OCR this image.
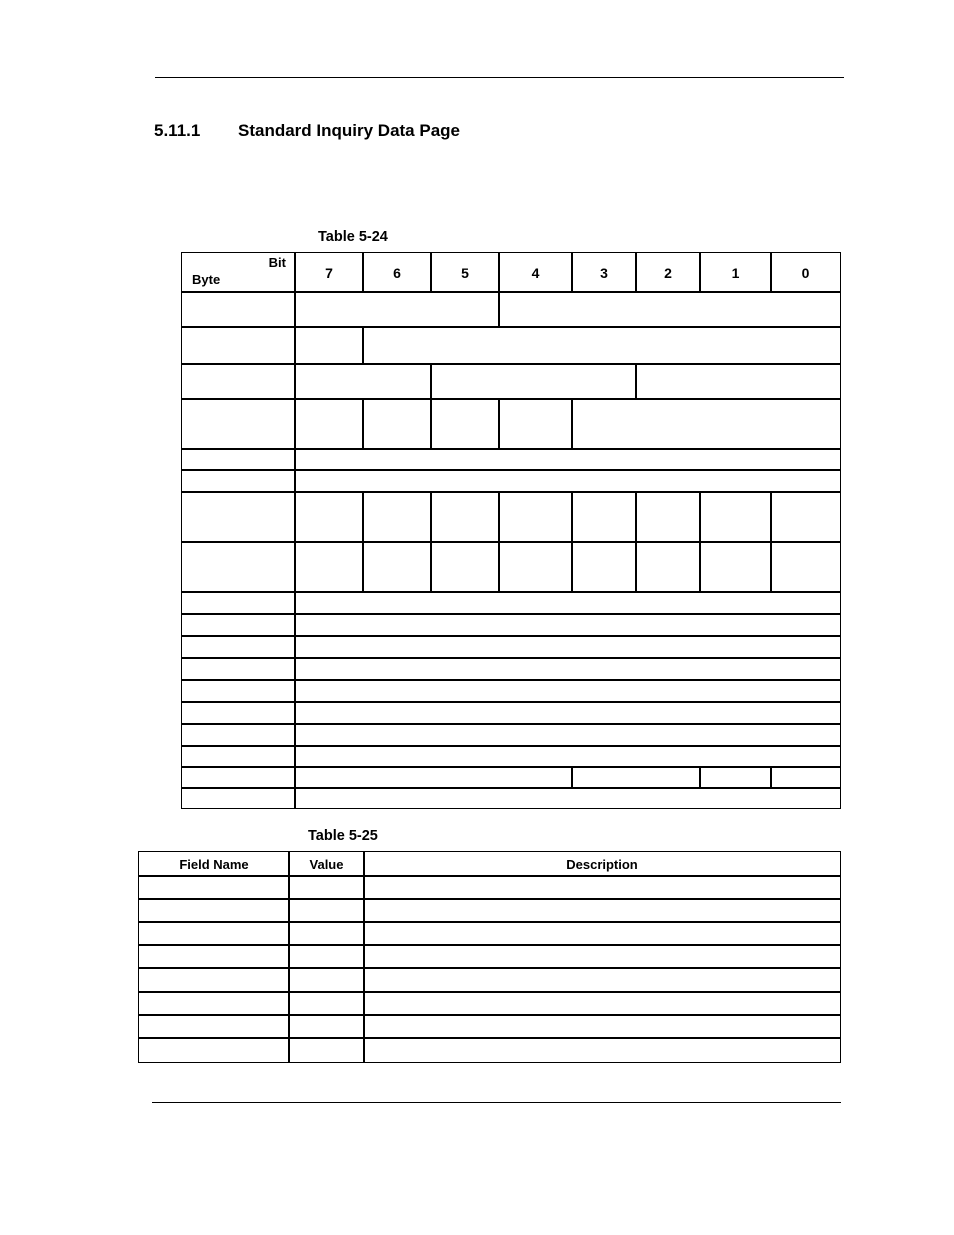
5.11.1 Standard Inquiry Data Page
Table 5-24
Bit
Byte	7	6	5	4	3	2	1	0
Table 5-25
Field Name	Value	Description
